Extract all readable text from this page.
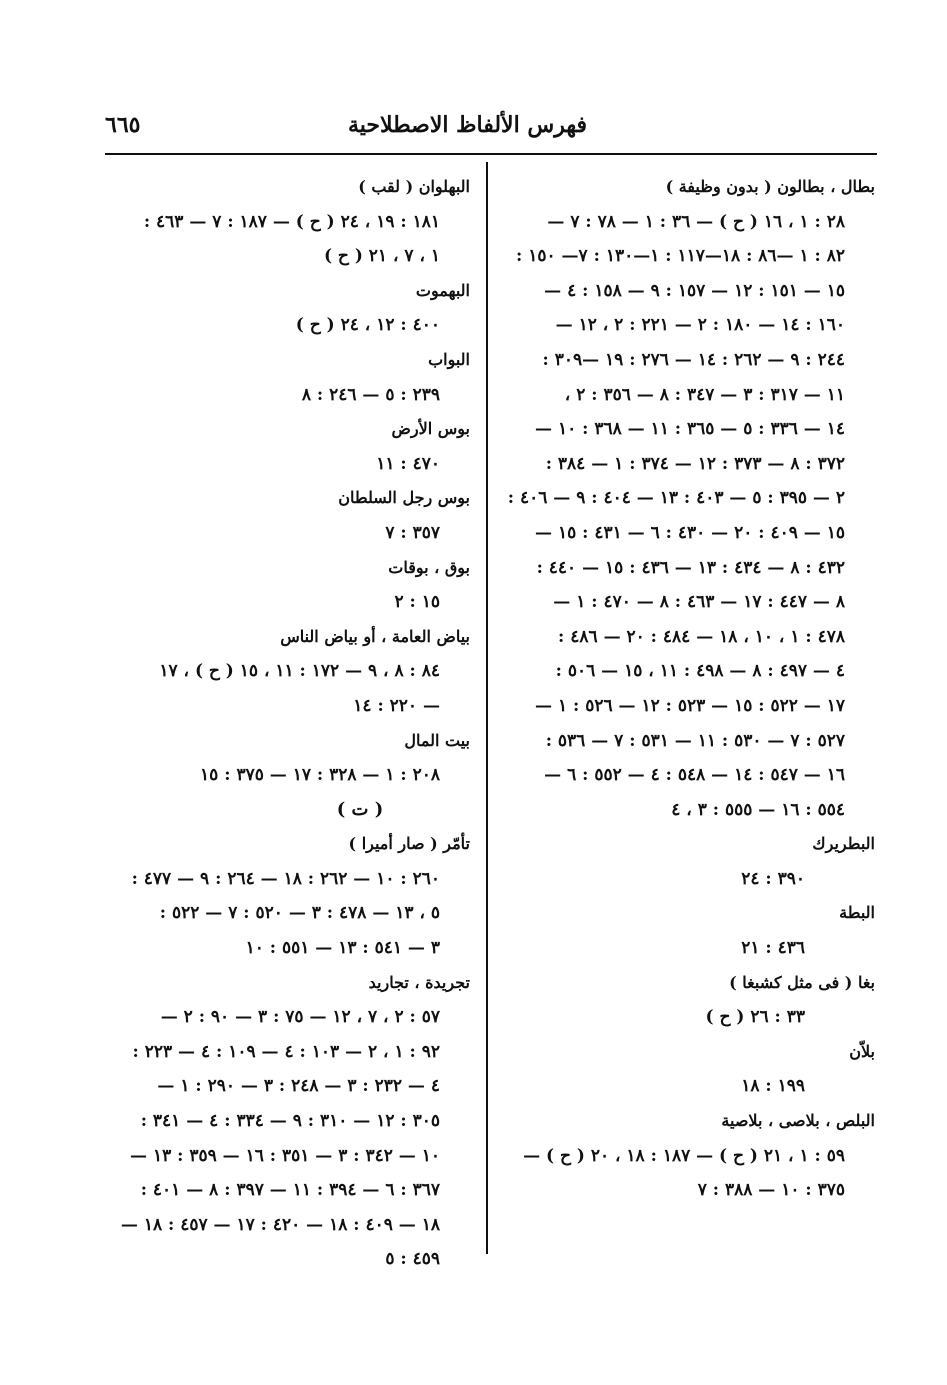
٦٦٥	فهرس الألفاظ الاصطلاحية
بطال ، بطالون ( بدون وظيفة )
٢٨ : ١ ، ١٦ ( ح ) — ٣٦ : ١ — ٧٨ : ٧ —
٨٢ : ١ —٨٦ : ١٨—١١٧ : ١—١٣٠ : ٧— ١٥٠ :
١٥ — ١٥١ : ١٢ — ١٥٧ : ٩ — ١٥٨ : ٤ —
١٦٠ : ١٤ — ١٨٠ : ٢ — ٢٢١ : ٢ ، ١٢ —
٢٤٤ : ٩ — ٢٦٢ : ١٤ — ٢٧٦ : ١٩ —٣٠٩ :
١١ — ٣١٧ : ٣ — ٣٤٧ : ٨ — ٣٥٦ : ٢ ،
١٤ — ٣٣٦ : ٥ — ٣٦٥ : ١١ — ٣٦٨ : ١٠ —
٣٧٢ : ٨ — ٣٧٣ : ١٢ — ٣٧٤ : ١ — ٣٨٤ :
٢ — ٣٩٥ : ٥ — ٤٠٣ : ١٣ — ٤٠٤ : ٩ — ٤٠٦ :
١٥ — ٤٠٩ : ٢٠ — ٤٣٠ : ٦ — ٤٣١ : ١٥ —
٤٣٢ : ٨ — ٤٣٤ : ١٣ — ٤٣٦ : ١٥ — ٤٤٠ :
٨ — ٤٤٧ : ١٧ — ٤٦٣ : ٨ — ٤٧٠ : ١ —
٤٧٨ : ١ ، ١٠ ، ١٨ — ٤٨٤ : ٢٠ — ٤٨٦ :
٤ — ٤٩٧ : ٨ — ٤٩٨ : ١١ ، ١٥ — ٥٠٦ :
١٧ — ٥٢٢ : ١٥ — ٥٢٣ : ١٢ — ٥٢٦ : ١ —
٥٢٧ : ٧ — ٥٣٠ : ١١ — ٥٣١ : ٧ — ٥٣٦ :
١٦ — ٥٤٧ : ١٤ — ٥٤٨ : ٤ — ٥٥٢ : ٦ —
٥٥٤ : ١٦ — ٥٥٥ : ٣ ، ٤
البطريرك
٣٩٠ : ٢٤
البطة
٤٣٦ : ٢١
بغا ( فى مثل كشبغا )
٣٣ : ٢٦ ( ح )
بلاّن
١٩٩ : ١٨
البلص ، بلاصى ، بلاصية
٥٩ : ١ ، ٢١ ( ح ) — ١٨٧ : ١٨ ، ٢٠ ( ح ) —
٣٧٥ : ١٠ — ٣٨٨ : ٧
البهلوان ( لقب )
١٨١ : ١٩ ، ٢٤ ( ح ) — ١٨٧ : ٧ — ٤٦٣ :
١ ، ٧ ، ٢١ ( ح )
البهموت
٤٠٠ : ١٢ ، ٢٤ ( ح )
البواب
٢٣٩ : ٥ — ٢٤٦ : ٨
بوس الأرض
٤٧٠ : ١١
بوس رجل السلطان
٣٥٧ : ٧
بوق ، بوقات
١٥ : ٢
بياض العامة ، أو بياض الناس
٨٤ : ٨ ، ٩ — ١٧٢ : ١١ ، ١٥ ( ح ) ، ١٧
— ٢٢٠ : ١٤
بيت المال
٢٠٨ : ١ — ٣٢٨ : ١٧ — ٣٧٥ : ١٥
( ت )
تأمّر ( صار أميرا )
٢٦٠ : ١٠ — ٢٦٢ : ١٨ — ٢٦٤ : ٩ — ٤٧٧ :
٥ ، ١٣ — ٤٧٨ : ٣ — ٥٢٠ : ٧ — ٥٢٢ :
٣ — ٥٤١ : ١٣ — ٥٥١ : ١٠
تجريدة ، تجاريد
٥٧ : ٢ ، ٧ ، ١٢ — ٧٥ : ٣ — ٩٠ : ٢ —
٩٢ : ١ ، ٢ — ١٠٣ : ٤ — ١٠٩ : ٤ — ٢٢٣ :
٤ — ٢٣٢ : ٣ — ٢٤٨ : ٣ — ٢٩٠ : ١ —
٣٠٥ : ١٢ — ٣١٠ : ٩ — ٣٣٤ : ٤ — ٣٤١ :
١٠ — ٣٤٢ : ٣ — ٣٥١ : ١٦ — ٣٥٩ : ١٣ —
٣٦٧ : ٦ — ٣٩٤ : ١١ — ٣٩٧ : ٨ — ٤٠١ :
١٨ — ٤٠٩ : ١٨ — ٤٢٠ : ١٧ — ٤٥٧ : ١٨ —
٤٥٩ : ٥
